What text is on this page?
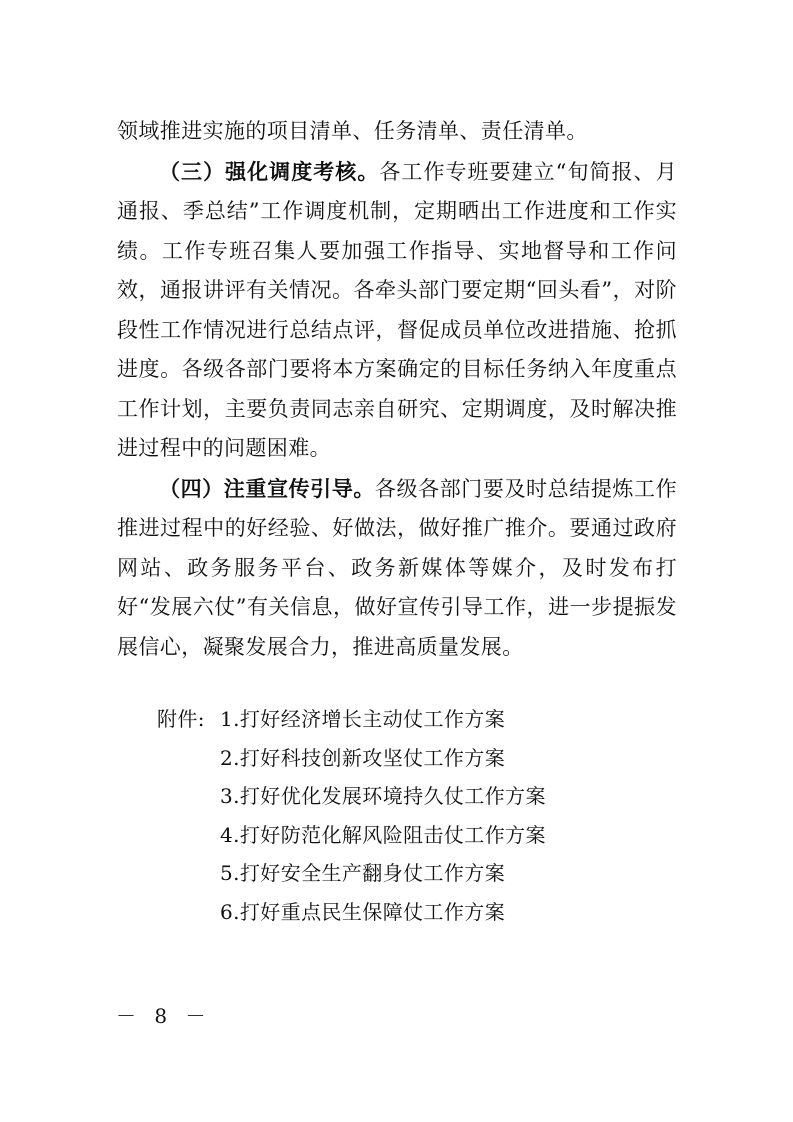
领域推进实施的项目清单、任务清单、责任清单。

（三）强化调度考核。各工作专班要建立“旬简报、月通报、季总结”工作调度机制，定期晒出工作进度和工作实绩。工作专班召集人要加强工作指导、实地督导和工作问效，通报讲评有关情况。各牵头部门要定期“回头看”，对阶段性工作情况进行总结点评，督促成员单位改进措施、抢抓进度。各级各部门要将本方案确定的目标任务纳入年度重点工作计划，主要负责同志亲自研究、定期调度，及时解决推进过程中的问题困难。

（四）注重宣传引导。各级各部门要及时总结提炼工作推进过程中的好经验、好做法，做好推广推介。要通过政府网站、政务服务平台、政务新媒体等媒介，及时发布打好“发展六仗”有关信息，做好宣传引导工作，进一步提振发展信心，凝聚发展合力，推进高质量发展。

附件: 1. 打好经济增长主动仗工作方案
2. 打好科技创新攻坚仗工作方案
3. 打好优化发展环境持久仗工作方案
4. 打好防范化解风险阻击仗工作方案
5. 打好安全生产翻身仗工作方案
6. 打好重点民生保障仗工作方案
－ 8 －
